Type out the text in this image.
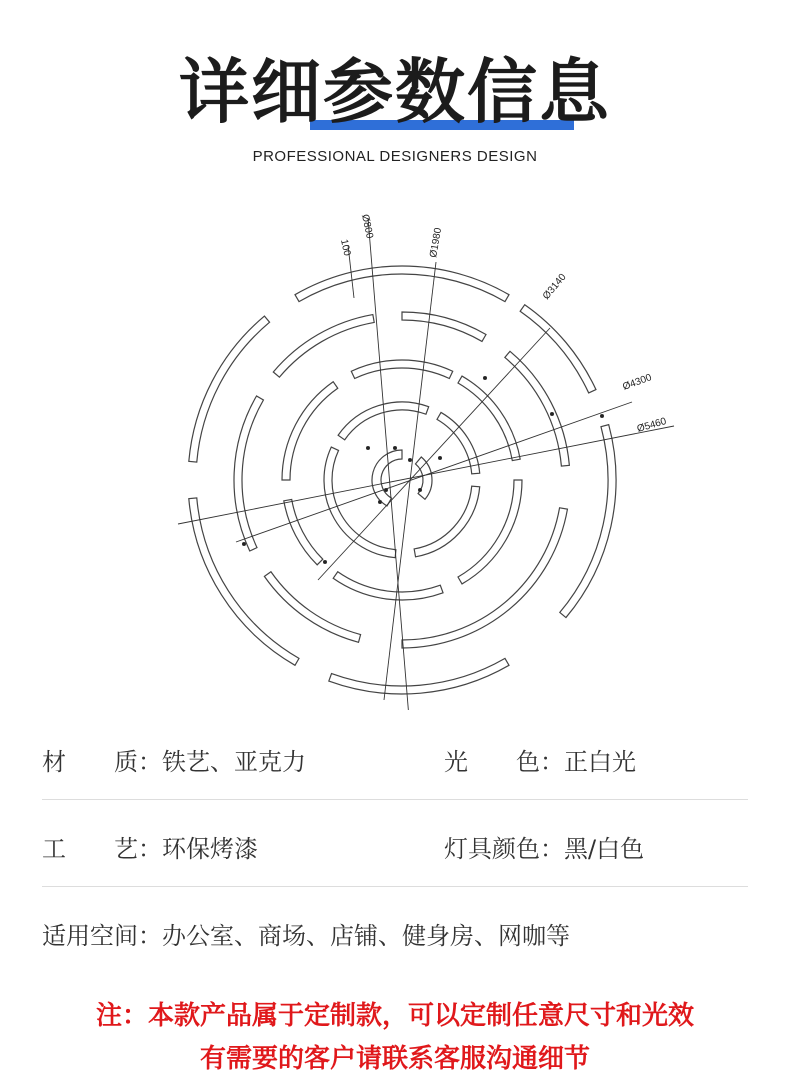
详细参数信息
PROFESSIONAL DESIGNERS DESIGN
Ø800
100	Ø1980
Ø3140
Ø4300
Ø5460
材　　质：铁艺、亚克力	光　　色：正白光
工　　艺：环保烤漆	灯具颜色：黑/白色
适用空间：办公室、商场、店铺、健身房、网咖等
注：本款产品属于定制款，可以定制任意尺寸和光效
有需要的客户请联系客服沟通细节
